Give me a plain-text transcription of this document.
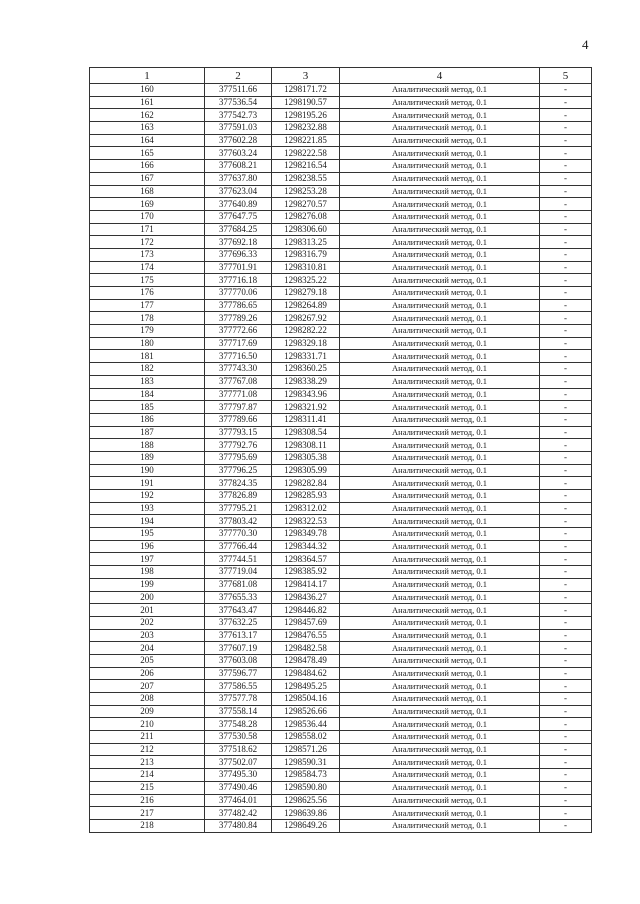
4
1	2	3	4	5
160	377511.66	1298171.72	Аналитический метод, 0.1	-
161	377536.54	1298190.57	Аналитический метод, 0.1	-
162	377542.73	1298195.26	Аналитический метод, 0.1	-
163	377591.03	1298232.88	Аналитический метод, 0.1	-
164	377602.28	1298221.85	Аналитический метод, 0.1	-
165	377603.24	1298222.58	Аналитический метод, 0.1	-
166	377608.21	1298216.54	Аналитический метод, 0.1	-
167	377637.80	1298238.55	Аналитический метод, 0.1	-
168	377623.04	1298253.28	Аналитический метод, 0.1	-
169	377640.89	1298270.57	Аналитический метод, 0.1	-
170	377647.75	1298276.08	Аналитический метод, 0.1	-
171	377684.25	1298306.60	Аналитический метод, 0.1	-
172	377692.18	1298313.25	Аналитический метод, 0.1	-
173	377696.33	1298316.79	Аналитический метод, 0.1	-
174	377701.91	1298310.81	Аналитический метод, 0.1	-
175	377716.18	1298325.22	Аналитический метод, 0.1	-
176	377770.06	1298279.18	Аналитический метод, 0.1	-
177	377786.65	1298264.89	Аналитический метод, 0.1	-
178	377789.26	1298267.92	Аналитический метод, 0.1	-
179	377772.66	1298282.22	Аналитический метод, 0.1	-
180	377717.69	1298329.18	Аналитический метод, 0.1	-
181	377716.50	1298331.71	Аналитический метод, 0.1	-
182	377743.30	1298360.25	Аналитический метод, 0.1	-
183	377767.08	1298338.29	Аналитический метод, 0.1	-
184	377771.08	1298343.96	Аналитический метод, 0.1	-
185	377797.87	1298321.92	Аналитический метод, 0.1	-
186	377789.66	1298311.41	Аналитический метод, 0.1	-
187	377793.15	1298308.54	Аналитический метод, 0.1	-
188	377792.76	1298308.11	Аналитический метод, 0.1	-
189	377795.69	1298305.38	Аналитический метод, 0.1	-
190	377796.25	1298305.99	Аналитический метод, 0.1	-
191	377824.35	1298282.84	Аналитический метод, 0.1	-
192	377826.89	1298285.93	Аналитический метод, 0.1	-
193	377795.21	1298312.02	Аналитический метод, 0.1	-
194	377803.42	1298322.53	Аналитический метод, 0.1	-
195	377770.30	1298349.78	Аналитический метод, 0.1	-
196	377766.44	1298344.32	Аналитический метод, 0.1	-
197	377744.51	1298364.57	Аналитический метод, 0.1	-
198	377719.04	1298385.92	Аналитический метод, 0.1	-
199	377681.08	1298414.17	Аналитический метод, 0.1	-
200	377655.33	1298436.27	Аналитический метод, 0.1	-
201	377643.47	1298446.82	Аналитический метод, 0.1	-
202	377632.25	1298457.69	Аналитический метод, 0.1	-
203	377613.17	1298476.55	Аналитический метод, 0.1	-
204	377607.19	1298482.58	Аналитический метод, 0.1	-
205	377603.08	1298478.49	Аналитический метод, 0.1	-
206	377596.77	1298484.62	Аналитический метод, 0.1	-
207	377586.55	1298495.25	Аналитический метод, 0.1	-
208	377577.78	1298504.16	Аналитический метод, 0.1	-
209	377558.14	1298526.66	Аналитический метод, 0.1	-
210	377548.28	1298536.44	Аналитический метод, 0.1	-
211	377530.58	1298558.02	Аналитический метод, 0.1	-
212	377518.62	1298571.26	Аналитический метод, 0.1	-
213	377502.07	1298590.31	Аналитический метод, 0.1	-
214	377495.30	1298584.73	Аналитический метод, 0.1	-
215	377490.46	1298590.80	Аналитический метод, 0.1	-
216	377464.01	1298625.56	Аналитический метод, 0.1	-
217	377482.42	1298639.86	Аналитический метод, 0.1	-
218	377480.84	1298649.26	Аналитический метод, 0.1	-
